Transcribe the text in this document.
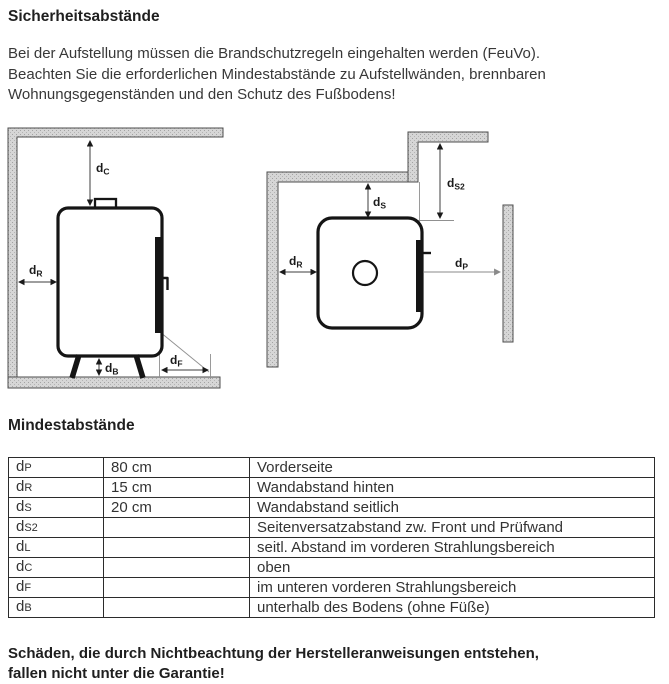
Sicherheitsabstände
Bei der Aufstellung müssen die Brandschutzregeln eingehalten werden (FeuVo).
Beachten Sie die erforderlichen Mindestabstände zu Aufstellwänden, brennbaren
Wohnungsgegenständen und den Schutz des Fußbodens!
$d_C$
$d_R$
$d_B$
$d_F$
$d_S$
$d_{S2}$
$d_R$	$d_P$
Mindestabstände
dP	80 cm	Vorderseite
dR	15 cm	Wandabstand hinten
dS	20 cm	Wandabstand seitlich
dS2		Seitenversatzabstand zw. Front und Prüfwand
dL		seitl. Abstand im vorderen Strahlungsbereich
dC		oben
dF		im unteren vorderen Strahlungsbereich
dB		unterhalb des Bodens (ohne Füße)
Schäden, die durch Nichtbeachtung der Herstelleranweisungen entstehen,
fallen nicht unter die Garantie!
